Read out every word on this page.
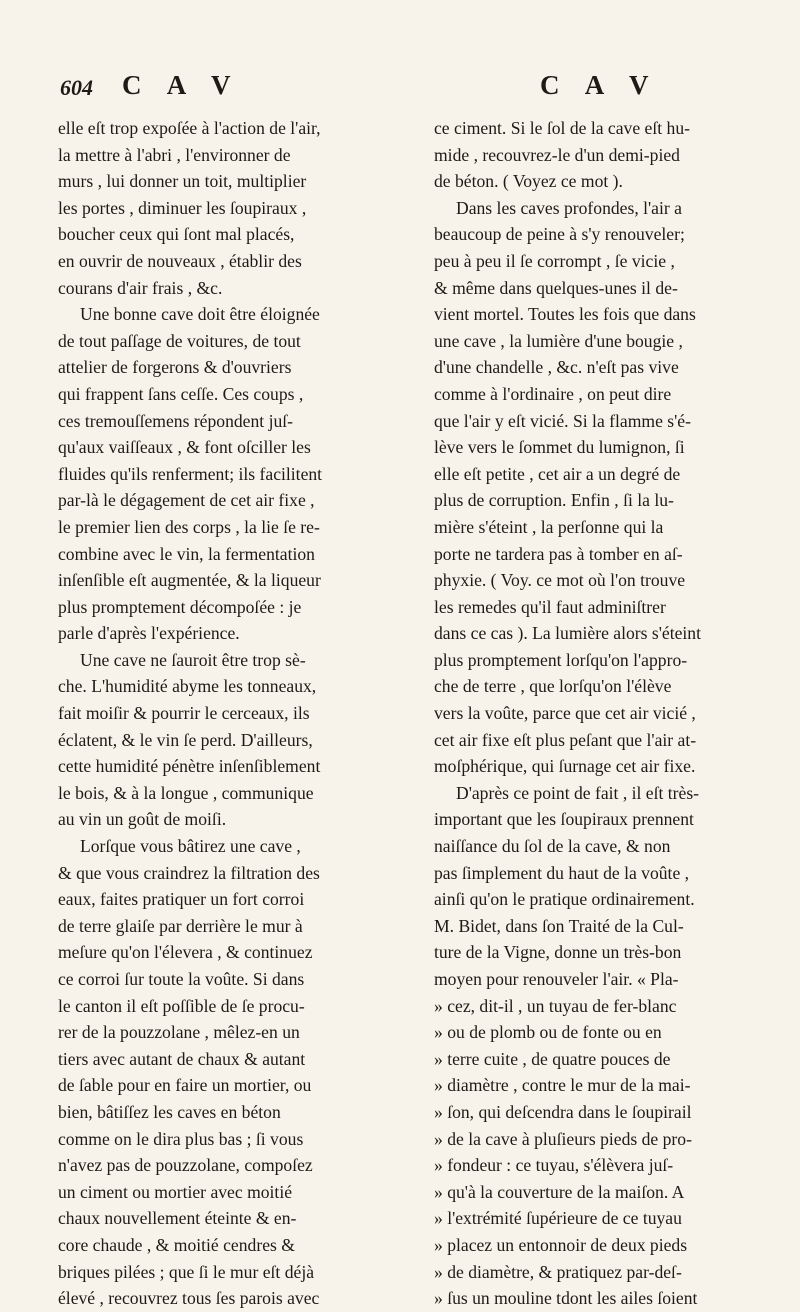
604 C A V	C A V
elle eſt trop expoſée à l'action de l'air,
la mettre à l'abri , l'environner de
murs , lui donner un toit, multiplier
les portes , diminuer les ſoupiraux ,
boucher ceux qui ſont mal placés,
en ouvrir de nouveaux , établir des
courans d'air frais , &c.
Une bonne cave doit être éloignée
de tout paſſage de voitures, de tout
attelier de forgerons & d'ouvriers
qui frappent ſans ceſſe. Ces coups ,
ces tremouſſemens répondent juſ-
qu'aux vaiſſeaux , & font oſciller les
fluides qu'ils renferment; ils facilitent
par-là le dégagement de cet air fixe ,
le premier lien des corps , la lie ſe re-
combine avec le vin, la fermentation
inſenſible eſt augmentée, & la liqueur
plus promptement décompoſée : je
parle d'après l'expérience.
Une cave ne ſauroit être trop sè-
che. L'humidité abyme les tonneaux,
fait moiſir & pourrir le cerceaux, ils
éclatent, & le vin ſe perd. D'ailleurs,
cette humidité pénètre inſenſiblement
le bois, & à la longue , communique
au vin un goût de moiſi.
Lorſque vous bâtirez une cave ,
& que vous craindrez la filtration des
eaux, faites pratiquer un fort corroi
de terre glaiſe par derrière le mur à
meſure qu'on l'élevera , & continuez
ce corroi ſur toute la voûte. Si dans
le canton il eſt poſſible de ſe procu-
rer de la pouzzolane , mêlez-en un
tiers avec autant de chaux & autant
de ſable pour en faire un mortier, ou
bien, bâtiſſez les caves en béton
comme on le dira plus bas ; ſi vous
n'avez pas de pouzzolane, compoſez
un ciment ou mortier avec moitié
chaux nouvellement éteinte & en-
core chaude , & moitié cendres &
briques pilées ; que ſi le mur eſt déjà
élevé , recouvrez tous ſes parois avec
ce ciment. Si le ſol de la cave eſt hu-
mide , recouvrez-le d'un demi-pied
de béton. ( Voyez ce mot ).
Dans les caves profondes, l'air a
beaucoup de peine à s'y renouveler;
peu à peu il ſe corrompt , ſe vicie ,
& même dans quelques-unes il de-
vient mortel. Toutes les fois que dans
une cave , la lumière d'une bougie ,
d'une chandelle , &c. n'eſt pas vive
comme à l'ordinaire , on peut dire
que l'air y eſt vicié. Si la flamme s'é-
lève vers le ſommet du lumignon, ſi
elle eſt petite , cet air a un degré de
plus de corruption. Enfin , ſi la lu-
mière s'éteint , la perſonne qui la
porte ne tardera pas à tomber en aſ-
phyxie. ( Voy. ce mot où l'on trouve
les remedes qu'il faut adminiſtrer
dans ce cas ). La lumière alors s'éteint
plus promptement lorſqu'on l'appro-
che de terre , que lorſqu'on l'élève
vers la voûte, parce que cet air vicié ,
cet air fixe eſt plus peſant que l'air at-
moſphérique, qui ſurnage cet air fixe.
D'après ce point de fait , il eſt très-
important que les ſoupiraux prennent
naiſſance du ſol de la cave, & non
pas ſimplement du haut de la voûte ,
ainſi qu'on le pratique ordinairement.
M. Bidet, dans ſon Traité de la Cul-
ture de la Vigne, donne un très-bon
moyen pour renouveler l'air. « Pla-
» cez, dit-il , un tuyau de fer-blanc
» ou de plomb ou de fonte ou en
» terre cuite , de quatre pouces de
» diamètre , contre le mur de la mai-
» ſon, qui deſcendra dans le ſoupirail
» de la cave à pluſieurs pieds de pro-
» fondeur : ce tuyau, s'élèvera juſ-
» qu'à la couverture de la maiſon. A
» l'extrémité ſupérieure de ce tuyau
» placez un entonnoir de deux pieds
» de diamètre, & pratiquez par-deſ-
» ſus un mouline tdont les ailes ſoient
